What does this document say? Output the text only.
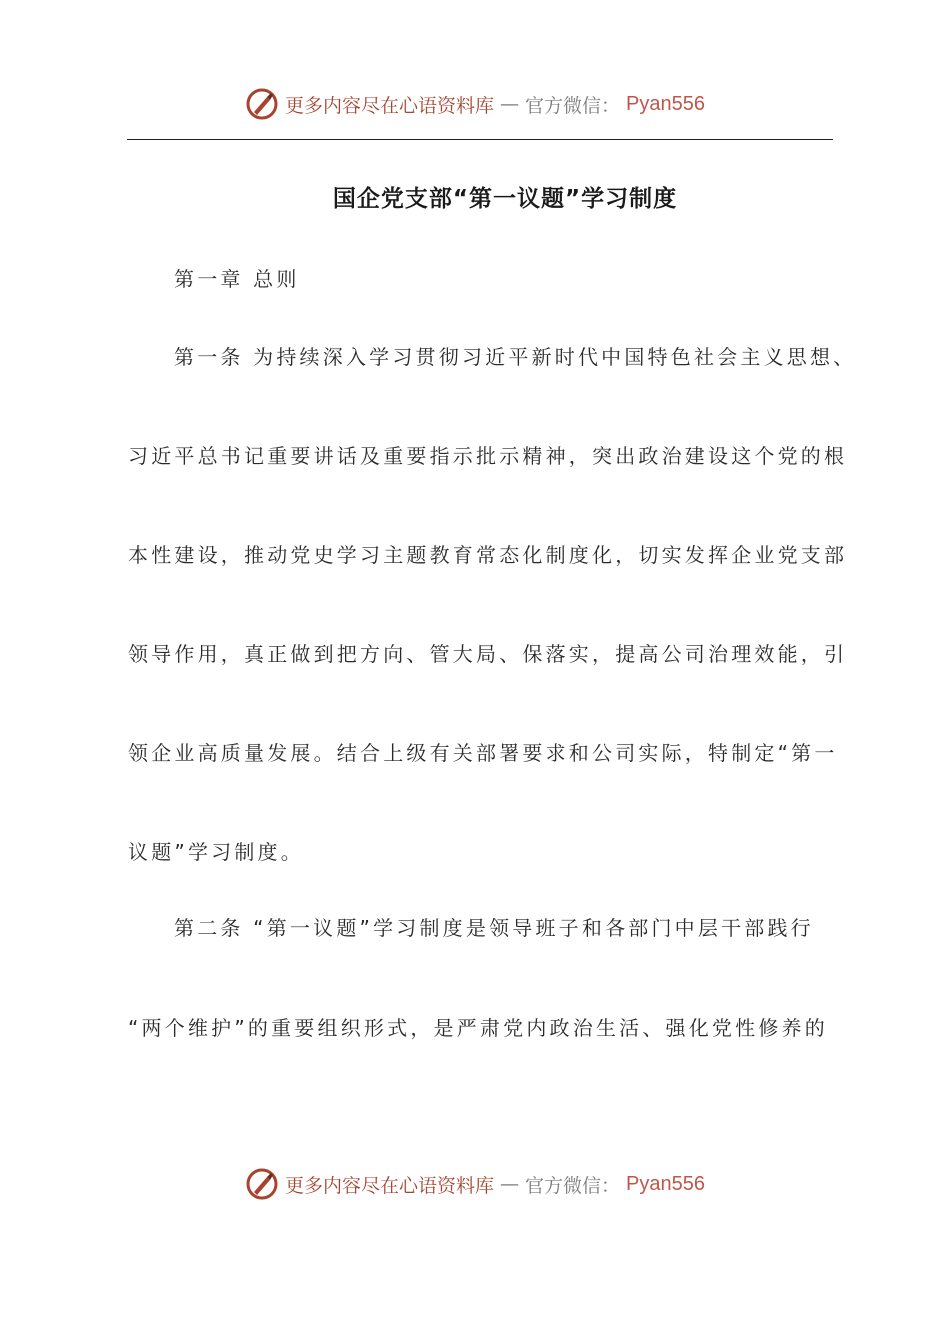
更多内容尽在心语资料库 — 官方微信： Pyan556
国企党支部“第一议题”学习制度
第一章 总则
第一条 为持续深入学习贯彻习近平新时代中国特色社会主义思想、
习近平总书记重要讲话及重要指示批示精神，突出政治建设这个党的根
本性建设，推动党史学习主题教育常态化制度化，切实发挥企业党支部
领导作用，真正做到把方向、管大局、保落实，提高公司治理效能，引
领企业高质量发展。结合上级有关部署要求和公司实际，特制定“第一
议题”学习制度。
第二条 “第一议题”学习制度是领导班子和各部门中层干部践行
“两个维护”的重要组织形式，是严肃党内政治生活、强化党性修养的
更多内容尽在心语资料库 — 官方微信： Pyan556
